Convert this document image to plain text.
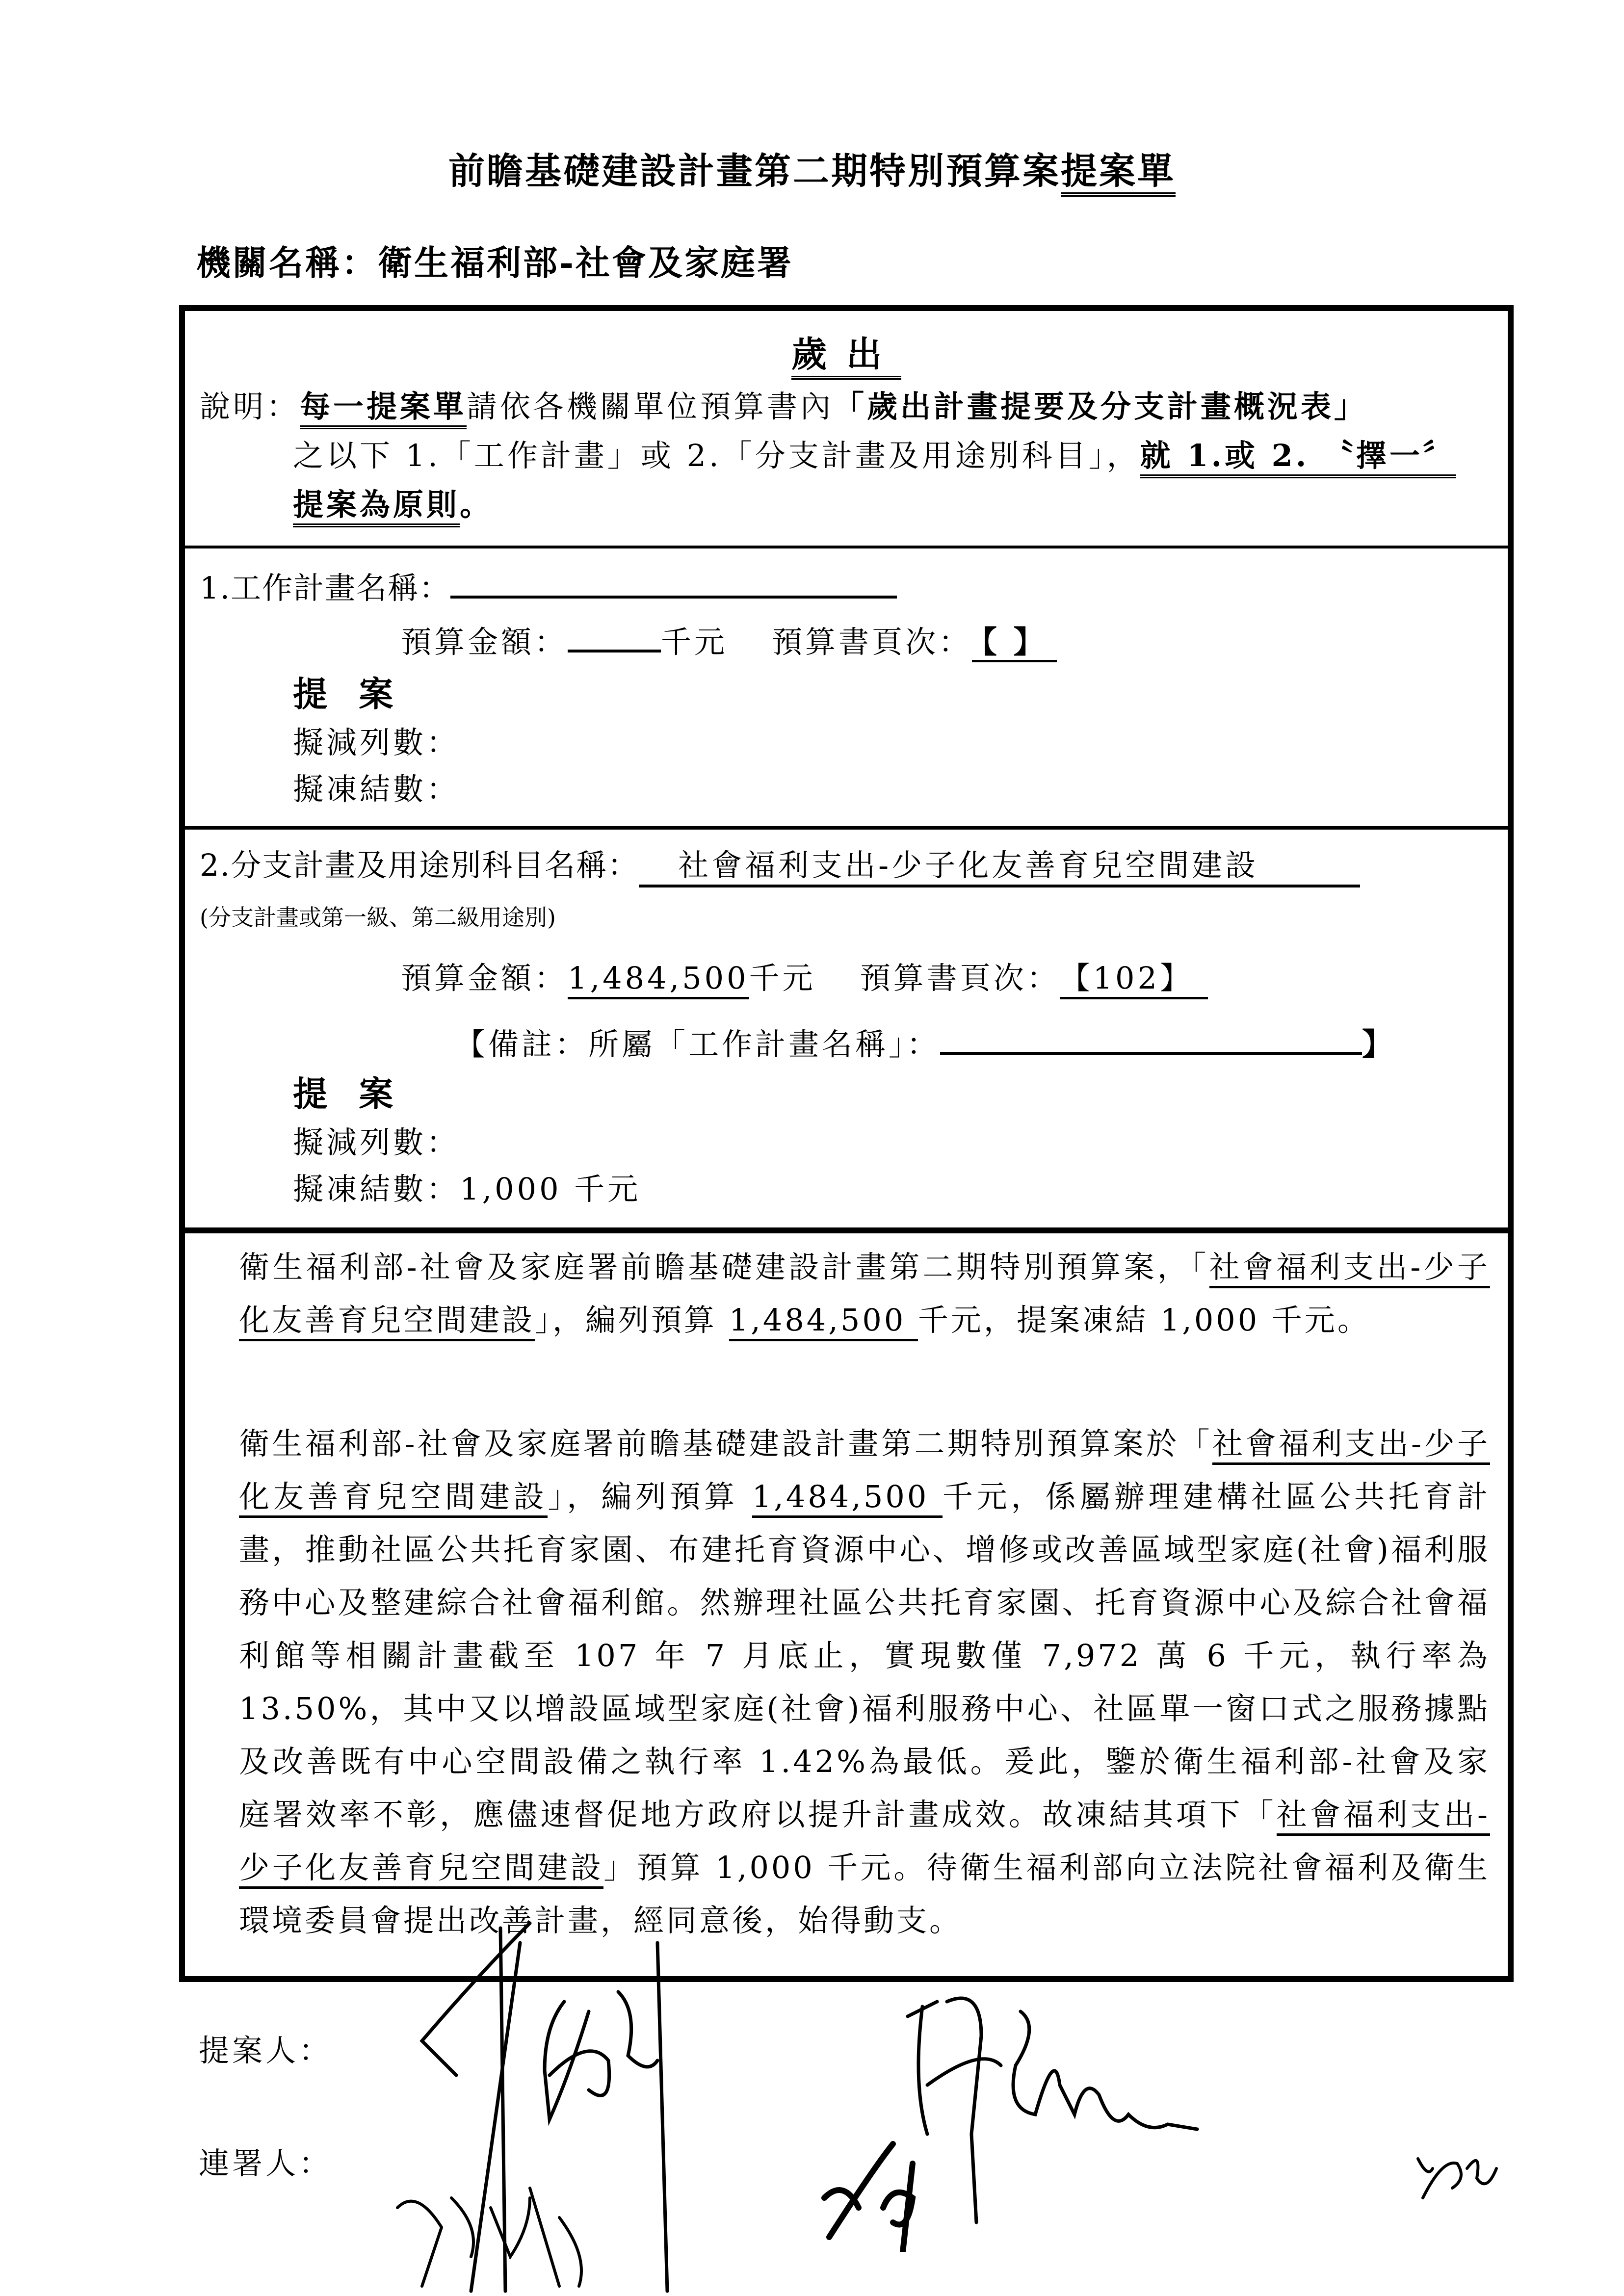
前瞻基礎建設計畫第二期特別預算案提案單
機關名稱：衛生福利部-社會及家庭署
歲出
說明：每一提案單請依各機關單位預算書內「歲出計畫提要及分支計畫概況表」
之以下 1.「工作計畫」或 2.「分支計畫及用途別科目」，就 1.或 2. 〝擇一〞
提案為原則。
1.工作計畫名稱：
預算金額：	千元 預算書頁次： 【 】
提 案
擬減列數：
擬凍結數：
2.分支計畫及用途別科目名稱： 社會福利支出-少子化友善育兒空間建設
(分支計畫或第一級、第二級用途別)
預算金額：1,484,500千元 預算書頁次： 【102】
【備註：所屬「工作計畫名稱」：	】
提 案
擬減列數：
擬凍結數：1,000 千元
衛生福利部-社會及家庭署前瞻基礎建設計畫第二期特別預算案，「社會福利支出-少子化友善育兒空間建設」，編列預算 1,484,500 千元，提案凍結 1,000 千元。
衛生福利部-社會及家庭署前瞻基礎建設計畫第二期特別預算案於「社會福利支出-少子化友善育兒空間建設」，編列預算 1,484,500 千元，係屬辦理建構社區公共托育計畫，推動社區公共托育家園、布建托育資源中心、增修或改善區域型家庭(社會)福利服務中心及整建綜合社會福利館。然辦理社區公共托育家園、托育資源中心及綜合社會福利館等相關計畫截至 107 年 7 月底止，實現數僅 7,972 萬 6 千元，執行率為 13.50%，其中又以增設區域型家庭(社會)福利服務中心、社區單一窗口式之服務據點及改善既有中心空間設備之執行率 1.42%為最低。爰此，鑒於衛生福利部-社會及家庭署效率不彰，應儘速督促地方政府以提升計畫成效。故凍結其項下「社會福利支出-少子化友善育兒空間建設」預算 1,000 千元。待衛生福利部向立法院社會福利及衛生環境委員會提出改善計畫，經同意後，始得動支。
提案人：
連署人：
